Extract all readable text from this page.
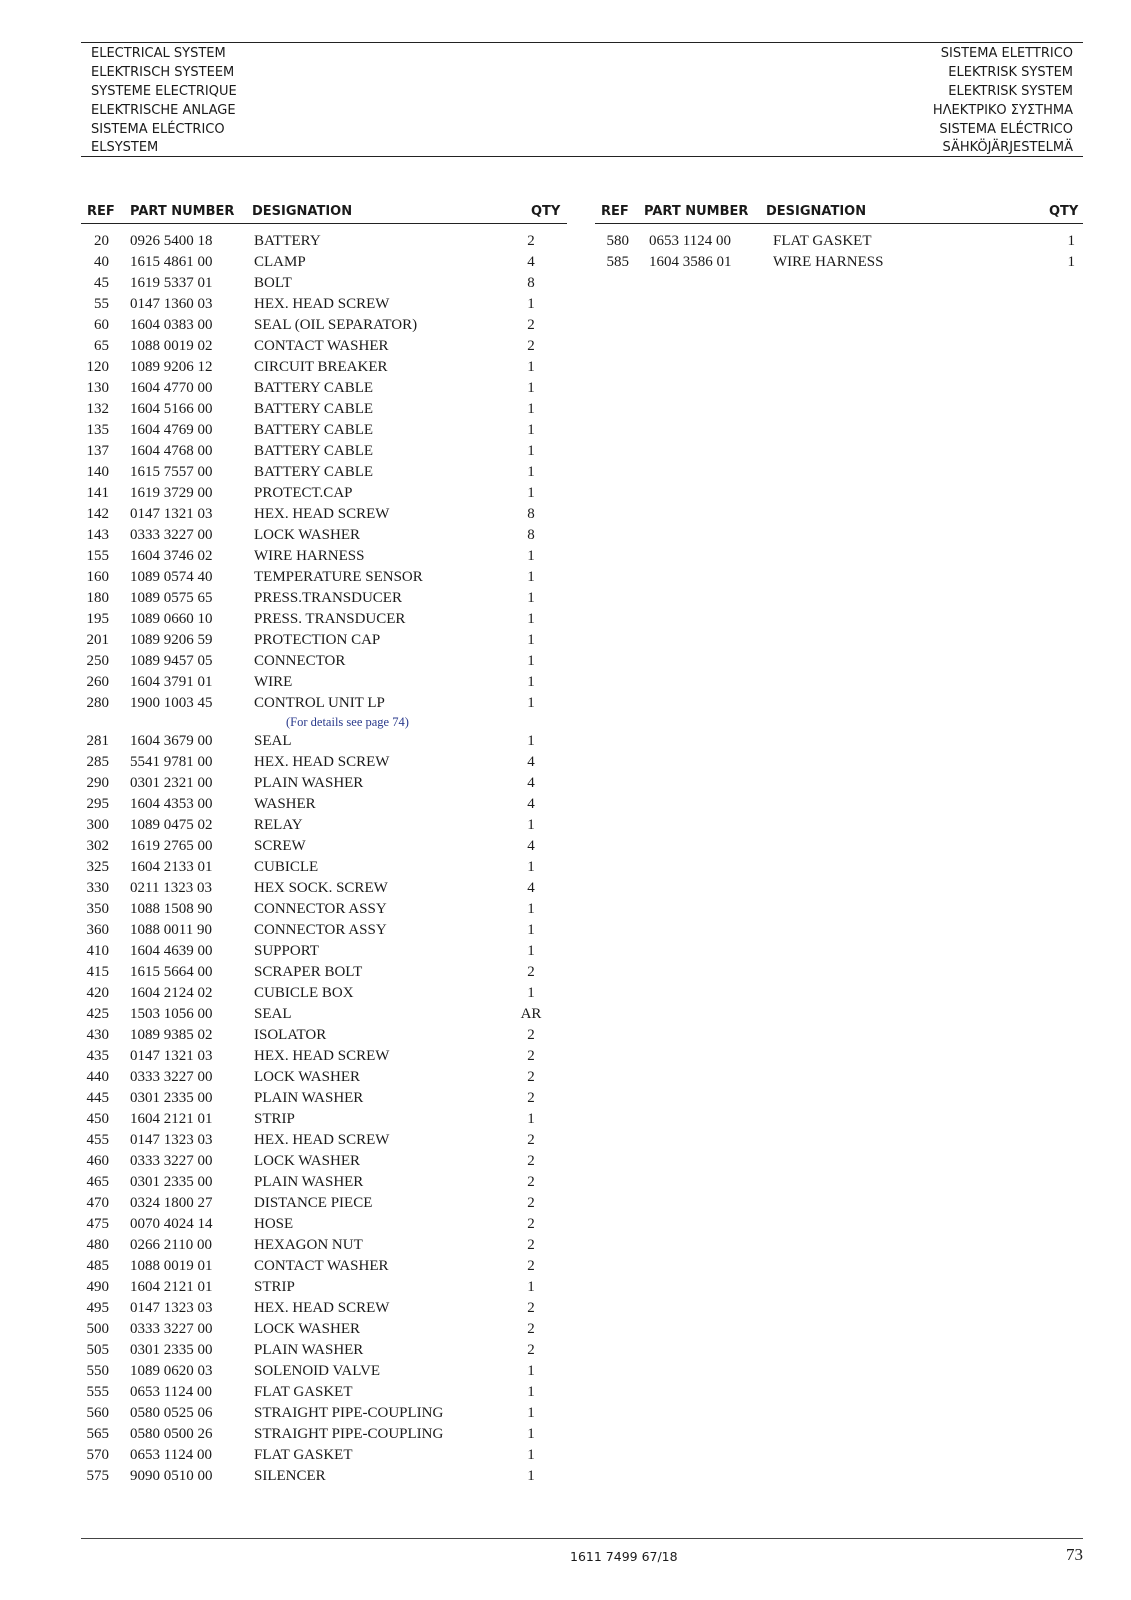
ELECTRICAL SYSTEM
ELEKTRISCH SYSTEEM
SYSTEME ELECTRIQUE
ELEKTRISCHE ANLAGE
SISTEMA ELÉCTRICO
ELSYSTEM
SISTEMA ELETTRICO
ELEKTRISK SYSTEM
ELEKTRISK SYSTEM
ΗΛΕΚΤΡΙΚΟ ΣΥΣΤΗΜΑ
SISTEMA ELÉCTRICO
SÄHKÖJÄRJESTELMÄ
REF PART NUMBER DESIGNATION	QTY
20 0926 5400 18	BATTERY	2
40 1615 4861 00	CLAMP	4
45 1619 5337 01	BOLT	8
55 0147 1360 03	HEX. HEAD SCREW	1
60 1604 0383 00	SEAL (OIL SEPARATOR)	2
65 1088 0019 02	CONTACT WASHER	2
120 1089 9206 12	CIRCUIT BREAKER	1
130 1604 4770 00	BATTERY CABLE	1
132 1604 5166 00	BATTERY CABLE	1
135 1604 4769 00	BATTERY CABLE	1
137 1604 4768 00	BATTERY CABLE	1
140 1615 7557 00	BATTERY CABLE	1
141 1619 3729 00	PROTECT.CAP	1
142 0147 1321 03	HEX. HEAD SCREW	8
143 0333 3227 00	LOCK WASHER	8
155 1604 3746 02	WIRE HARNESS	1
160 1089 0574 40	TEMPERATURE SENSOR	1
180 1089 0575 65	PRESS.TRANSDUCER	1
195 1089 0660 10	PRESS. TRANSDUCER	1
201 1089 9206 59	PROTECTION CAP	1
250 1089 9457 05	CONNECTOR	1
260 1604 3791 01	WIRE	1
280 1900 1003 45	CONTROL UNIT LP	1
(For details see page 74)
281 1604 3679 00	SEAL	1
285 5541 9781 00	HEX. HEAD SCREW	4
290 0301 2321 00	PLAIN WASHER	4
295 1604 4353 00	WASHER	4
300 1089 0475 02	RELAY	1
302 1619 2765 00	SCREW	4
325 1604 2133 01	CUBICLE	1
330 0211 1323 03	HEX SOCK. SCREW	4
350 1088 1508 90	CONNECTOR ASSY	1
360 1088 0011 90	CONNECTOR ASSY	1
410 1604 4639 00	SUPPORT	1
415 1615 5664 00	SCRAPER BOLT	2
420 1604 2124 02	CUBICLE BOX	1
425 1503 1056 00	SEAL	AR
430 1089 9385 02	ISOLATOR	2
435 0147 1321 03	HEX. HEAD SCREW	2
440 0333 3227 00	LOCK WASHER	2
445 0301 2335 00	PLAIN WASHER	2
450 1604 2121 01	STRIP	1
455 0147 1323 03	HEX. HEAD SCREW	2
460 0333 3227 00	LOCK WASHER	2
465 0301 2335 00	PLAIN WASHER	2
470 0324 1800 27	DISTANCE PIECE	2
475 0070 4024 14	HOSE	2
480 0266 2110 00	HEXAGON NUT	2
485 1088 0019 01	CONTACT WASHER	2
490 1604 2121 01	STRIP	1
495 0147 1323 03	HEX. HEAD SCREW	2
500 0333 3227 00	LOCK WASHER	2
505 0301 2335 00	PLAIN WASHER	2
550 1089 0620 03	SOLENOID VALVE	1
555 0653 1124 00	FLAT GASKET	1
560 0580 0525 06	STRAIGHT PIPE-COUPLING	1
565 0580 0500 26	STRAIGHT PIPE-COUPLING	1
570 0653 1124 00	FLAT GASKET	1
575 9090 0510 00	SILENCER	1
REF PART NUMBER DESIGNATION	QTY
580 0653 1124 00	FLAT GASKET	1
585 1604 3586 01	WIRE HARNESS	1
1611 7499 67/18	73
